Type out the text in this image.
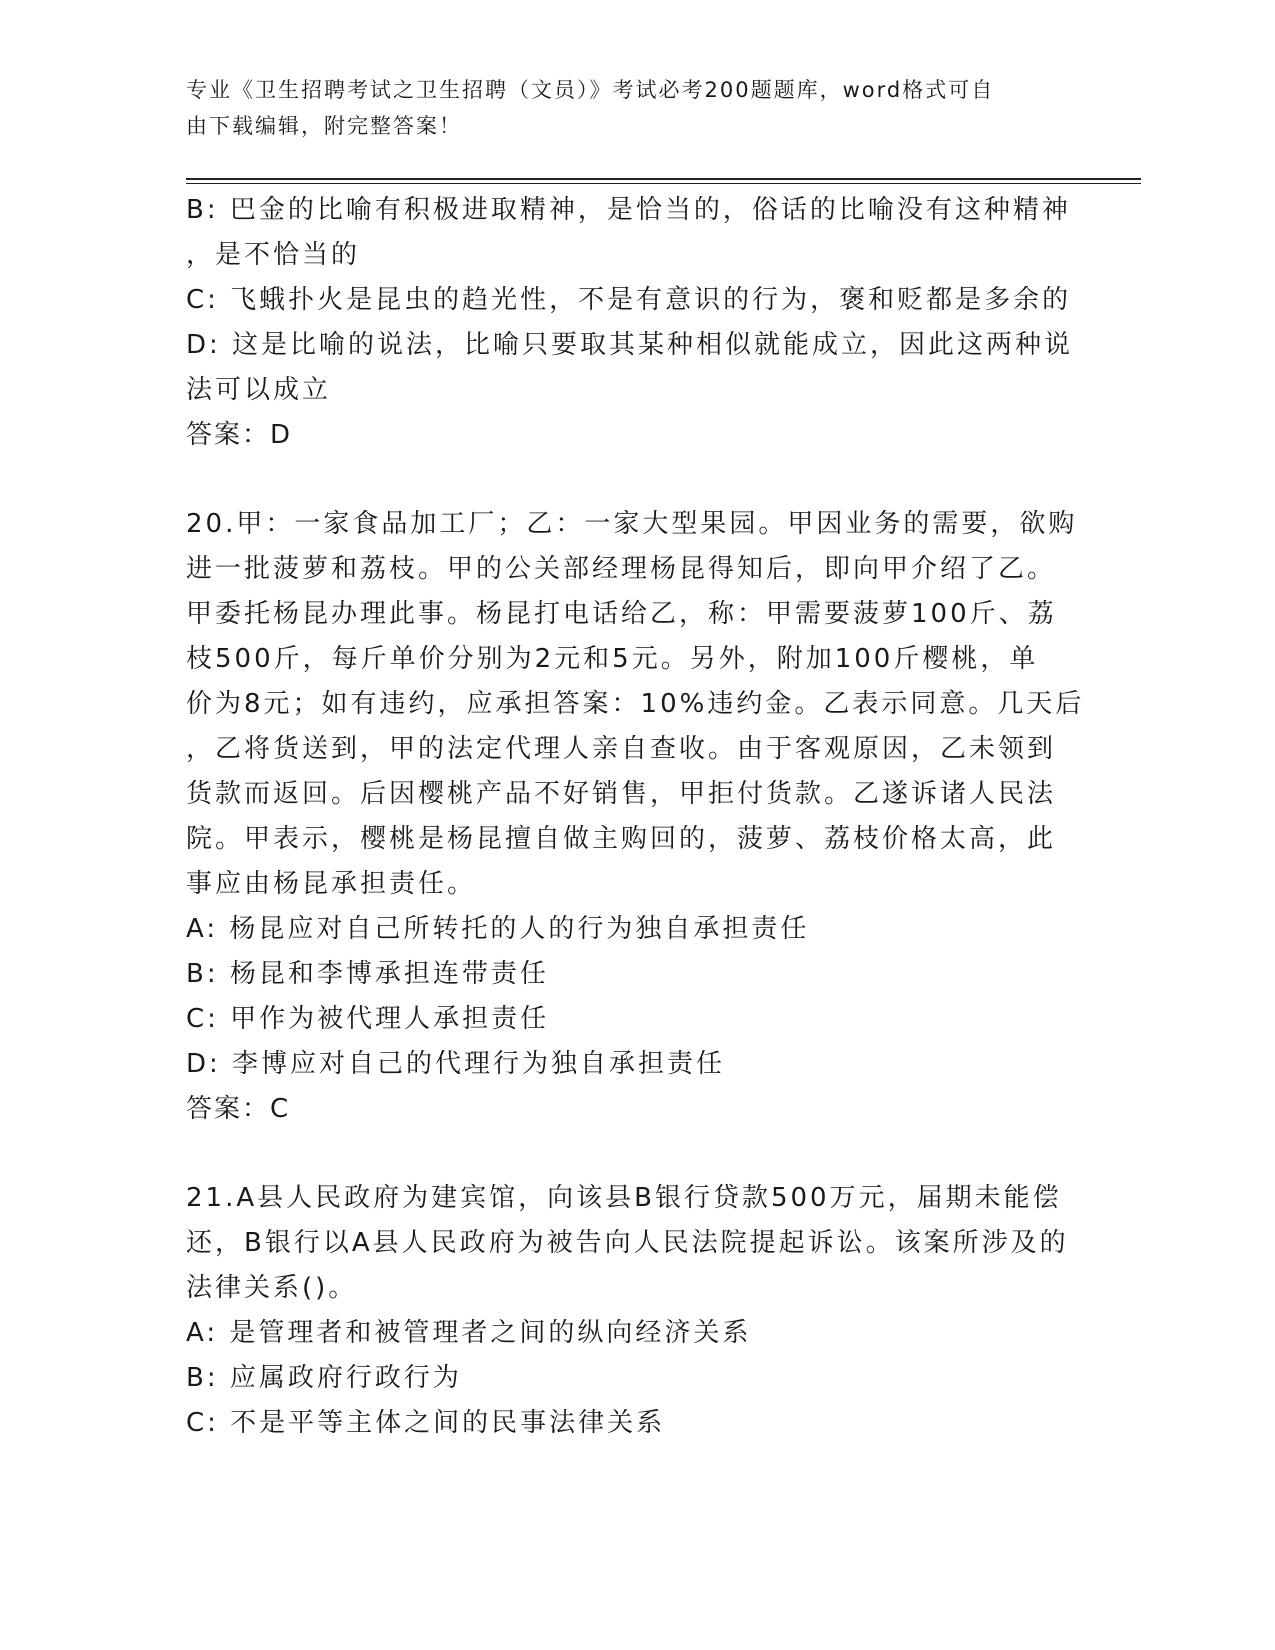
专业《卫生招聘考试之卫生招聘（文员）》考试必考200题题库，word格式可自
由下载编辑，附完整答案！
B: 巴金的比喻有积极进取精神，是恰当的，俗话的比喻没有这种精神
，是不恰当的
C: 飞蛾扑火是昆虫的趋光性，不是有意识的行为，褒和贬都是多余的
D: 这是比喻的说法，比喻只要取其某种相似就能成立，因此这两种说
法可以成立
答案：D
20.甲：一家食品加工厂；乙：一家大型果园。甲因业务的需要，欲购
进一批菠萝和荔枝。甲的公关部经理杨昆得知后，即向甲介绍了乙。
甲委托杨昆办理此事。杨昆打电话给乙，称：甲需要菠萝100斤、荔
枝500斤，每斤单价分别为2元和5元。另外，附加100斤樱桃，单
价为8元；如有违约，应承担答案：10%违约金。乙表示同意。几天后
，乙将货送到，甲的法定代理人亲自查收。由于客观原因，乙未领到
货款而返回。后因樱桃产品不好销售，甲拒付货款。乙遂诉诸人民法
院。甲表示，樱桃是杨昆擅自做主购回的，菠萝、荔枝价格太高，此
事应由杨昆承担责任。
A: 杨昆应对自己所转托的人的行为独自承担责任
B: 杨昆和李博承担连带责任
C: 甲作为被代理人承担责任
D: 李博应对自己的代理行为独自承担责任
答案：C
21.A县人民政府为建宾馆，向该县B银行贷款500万元，届期未能偿
还，B银行以A县人民政府为被告向人民法院提起诉讼。该案所涉及的
法律关系()。
A: 是管理者和被管理者之间的纵向经济关系
B: 应属政府行政行为
C: 不是平等主体之间的民事法律关系
